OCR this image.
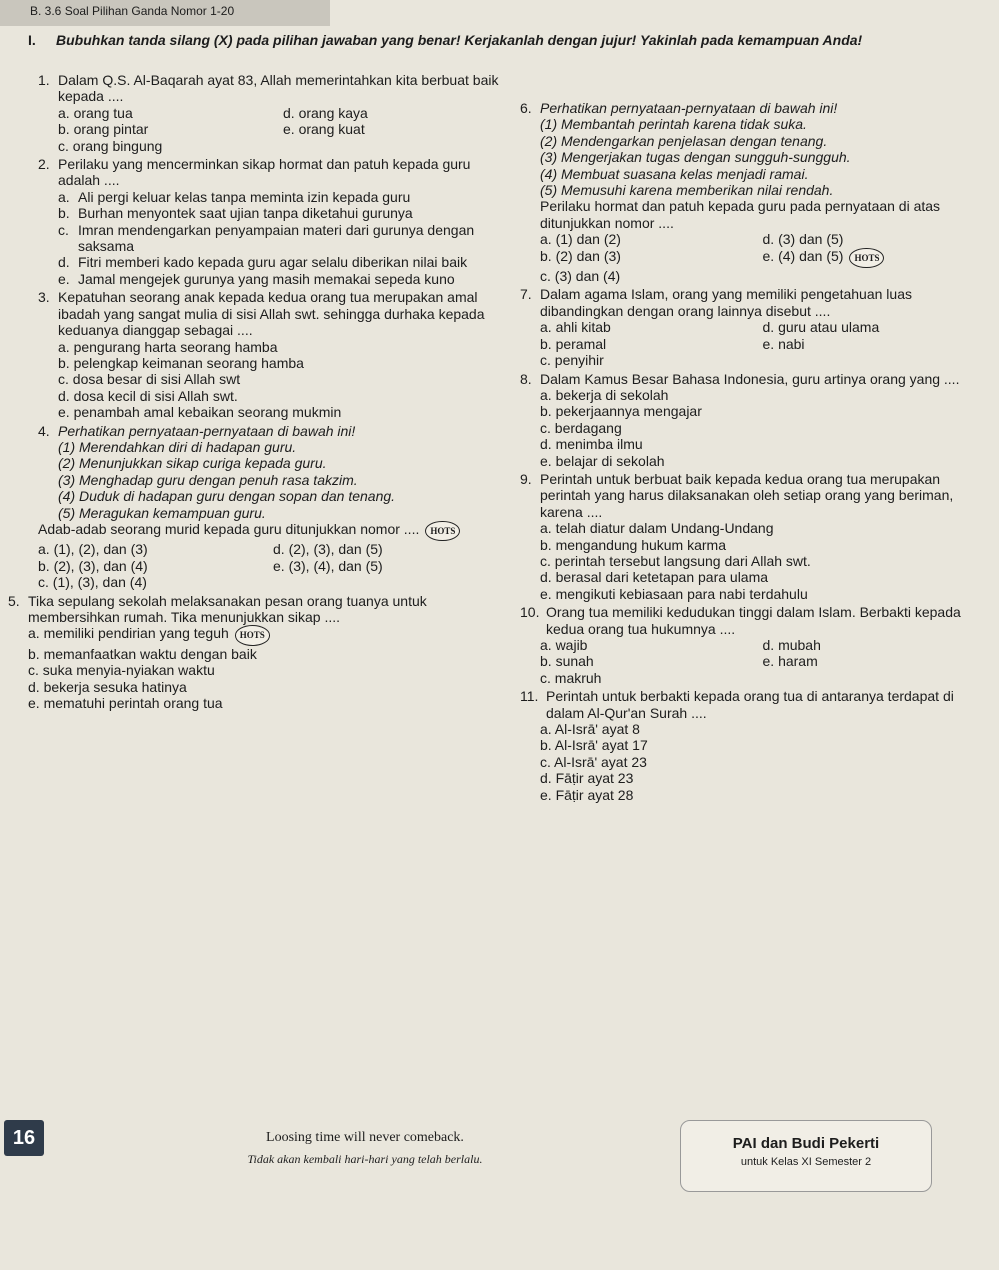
B. 3.6 Soal Pilihan Ganda Nomor 1-20
I. Bubuhkan tanda silang (X) pada pilihan jawaban yang benar! Kerjakanlah dengan jujur! Yakinlah pada kemampuan Anda!
1. Dalam Q.S. Al-Baqarah ayat 83, Allah memerintahkan kita berbuat baik kepada ....
a. orang tua	d. orang kaya
b. orang pintar	e. orang kuat
c. orang bingung
2. Perilaku yang mencerminkan sikap hormat dan patuh kepada guru adalah ....
a. Ali pergi keluar kelas tanpa meminta izin kepada guru
b. Burhan menyontek saat ujian tanpa diketahui gurunya
c. Imran mendengarkan penyampaian materi dari gurunya dengan saksama
d. Fitri memberi kado kepada guru agar selalu diberikan nilai baik
e. Jamal mengejek gurunya yang masih memakai sepeda kuno
3. Kepatuhan seorang anak kepada kedua orang tua merupakan amal ibadah yang sangat mulia di sisi Allah swt. sehingga durhaka kepada keduanya dianggap sebagai ....
a. pengurang harta seorang hamba
b. pelengkap keimanan seorang hamba
c. dosa besar di sisi Allah swt
d. dosa kecil di sisi Allah swt.
e. penambah amal kebaikan seorang mukmin
4. Perhatikan pernyataan-pernyataan di bawah ini!
(1) Merendahkan diri di hadapan guru.
(2) Menunjukkan sikap curiga kepada guru.
(3) Menghadap guru dengan penuh rasa takzim.
(4) Duduk di hadapan guru dengan sopan dan tenang.
(5) Meragukan kemampuan guru.
Adab-adab seorang murid kepada guru ditunjukkan nomor .... HOTS
a. (1), (2), dan (3)	d. (2), (3), dan (5)
b. (2), (3), dan (4)	e. (3), (4), dan (5)
c. (1), (3), dan (4)
5. Tika sepulang sekolah melaksanakan pesan orang tuanya untuk membersihkan rumah. Tika menunjukkan sikap ....
a. memiliki pendirian yang teguh HOTS
b. memanfaatkan waktu dengan baik
c. suka menyia-nyiakan waktu
d. bekerja sesuka hatinya
e. mematuhi perintah orang tua
6. Perhatikan pernyataan-pernyataan di bawah ini!
(1) Membantah perintah karena tidak suka.
(2) Mendengarkan penjelasan dengan tenang.
(3) Mengerjakan tugas dengan sungguh-sungguh.
(4) Membuat suasana kelas menjadi ramai.
(5) Memusuhi karena memberikan nilai rendah.
Perilaku hormat dan patuh kepada guru pada pernyataan di atas ditunjukkan nomor ....
a. (1) dan (2)	d. (3) dan (5)
b. (2) dan (3)	e. (4) dan (5) HOTS
c. (3) dan (4)
7. Dalam agama Islam, orang yang memiliki pengetahuan luas dibandingkan dengan orang lainnya disebut ....
a. ahli kitab	d. guru atau ulama
b. peramal	e. nabi
c. penyihir
8. Dalam Kamus Besar Bahasa Indonesia, guru artinya orang yang ....
a. bekerja di sekolah
b. pekerjaannya mengajar
c. berdagang
d. menimba ilmu
e. belajar di sekolah
9. Perintah untuk berbuat baik kepada kedua orang tua merupakan perintah yang harus dilaksanakan oleh setiap orang yang beriman, karena ....
a. telah diatur dalam Undang-Undang
b. mengandung hukum karma
c. perintah tersebut langsung dari Allah swt.
d. berasal dari ketetapan para ulama
e. mengikuti kebiasaan para nabi terdahulu
10. Orang tua memiliki kedudukan tinggi dalam Islam. Berbakti kepada kedua orang tua hukumnya ....
a. wajib	d. mubah
b. sunah	e. haram
c. makruh
11. Perintah untuk berbakti kepada orang tua di antaranya terdapat di dalam Al-Qur'an Surah ....
a. Al-Isrā' ayat 8
b. Al-Isrā' ayat 17
c. Al-Isrā' ayat 23
d. Fāṭir ayat 23
e. Fāṭir ayat 28
16	Loosing time will never comeback.
Tidak akan kembali hari-hari yang telah berlalu.
PAI dan Budi Pekerti
untuk Kelas XI Semester 2
